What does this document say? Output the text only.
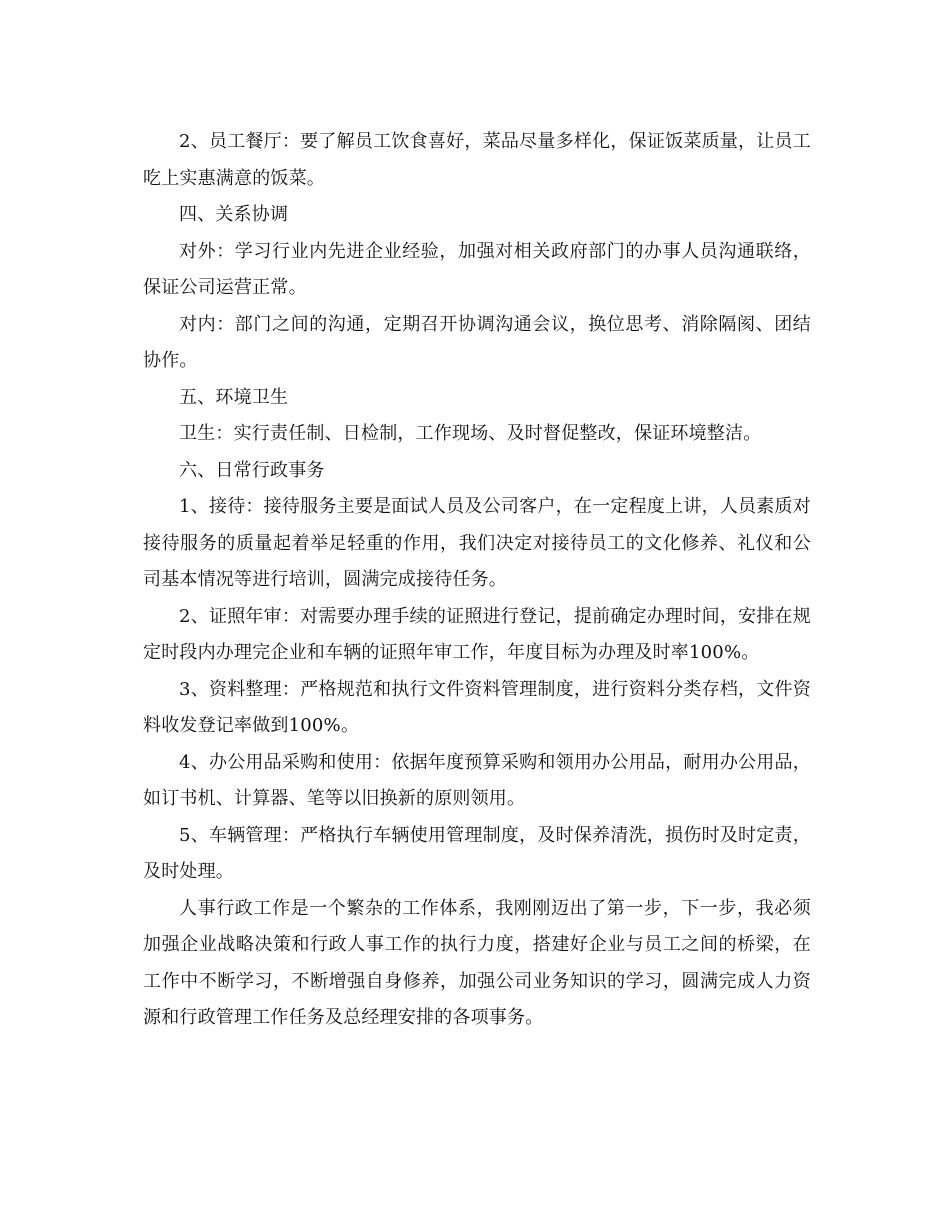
2、员工餐厅：要了解员工饮食喜好，菜品尽量多样化，保证饭菜质量，让员工吃上实惠满意的饭菜。

四、关系协调

对外：学习行业内先进企业经验，加强对相关政府部门的办事人员沟通联络，保证公司运营正常。

对内：部门之间的沟通，定期召开协调沟通会议，换位思考、消除隔阂、团结协作。

五、环境卫生

卫生：实行责任制、日检制，工作现场、及时督促整改，保证环境整洁。

六、日常行政事务

1、接待：接待服务主要是面试人员及公司客户，在一定程度上讲，人员素质对接待服务的质量起着举足轻重的作用，我们决定对接待员工的文化修养、礼仪和公司基本情况等进行培训，圆满完成接待任务。

2、证照年审：对需要办理手续的证照进行登记，提前确定办理时间，安排在规定时段内办理完企业和车辆的证照年审工作，年度目标为办理及时率100%。

3、资料整理：严格规范和执行文件资料管理制度，进行资料分类存档，文件资料收发登记率做到100%。

4、办公用品采购和使用：依据年度预算采购和领用办公用品，耐用办公用品，如订书机、计算器、笔等以旧换新的原则领用。

5、车辆管理：严格执行车辆使用管理制度，及时保养清洗，损伤时及时定责，及时处理。

人事行政工作是一个繁杂的工作体系，我刚刚迈出了第一步，下一步，我必须加强企业战略决策和行政人事工作的执行力度，搭建好企业与员工之间的桥梁，在工作中不断学习，不断增强自身修养，加强公司业务知识的学习，圆满完成人力资源和行政管理工作任务及总经理安排的各项事务。
